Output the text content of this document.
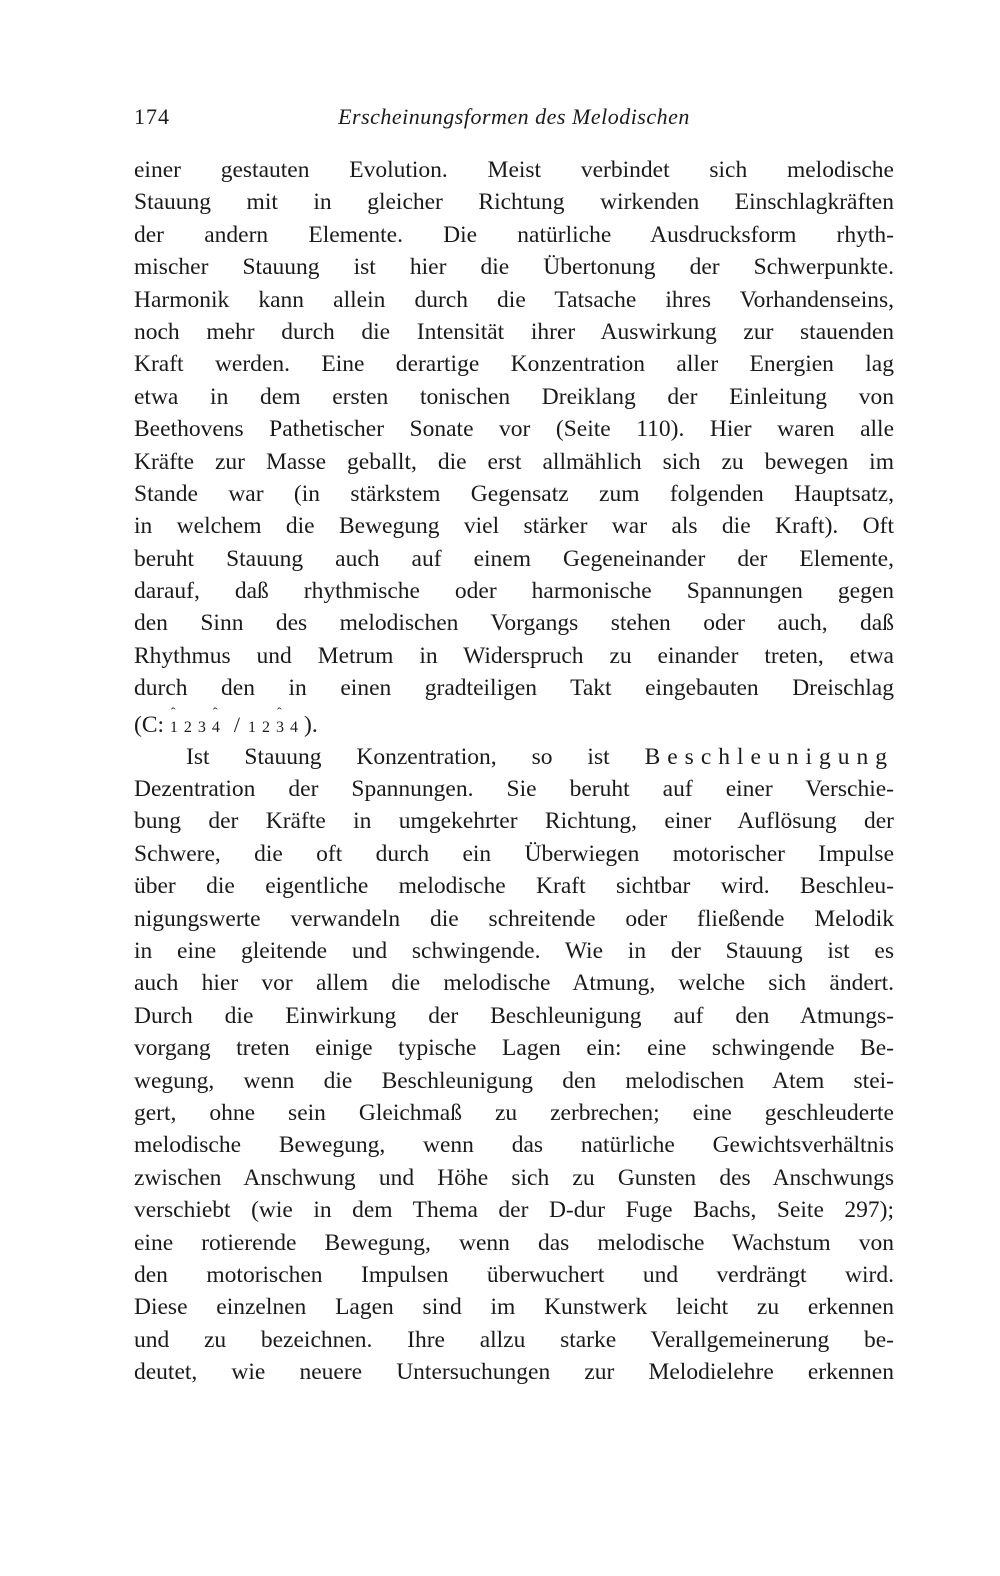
174	Erscheinungsformen des Melodischen
einer gestauten Evolution. Meist verbindet sich melodische
Stauung mit in gleicher Richtung wirkenden Einschlagkräften
der andern Elemente. Die natürliche Ausdrucksform rhyth-
mischer Stauung ist hier die Übertonung der Schwerpunkte.
Harmonik kann allein durch die Tatsache ihres Vorhandenseins,
noch mehr durch die Intensität ihrer Auswirkung zur stauenden
Kraft werden. Eine derartige Konzentration aller Energien lag
etwa in dem ersten tonischen Dreiklang der Einleitung von
Beethovens Pathetischer Sonate vor (Seite 110). Hier waren alle
Kräfte zur Masse geballt, die erst allmählich sich zu bewegen im
Stande war (in stärkstem Gegensatz zum folgenden Hauptsatz,
in welchem die Bewegung viel stärker war als die Kraft). Oft
beruht Stauung auch auf einem Gegeneinander der Elemente,
darauf, daß rhythmische oder harmonische Spannungen gegen
den Sinn des melodischen Vorgangs stehen oder auch, daß
Rhythmus und Metrum in Widerspruch zu einander treten, etwa
durch den in einen gradteiligen Takt eingebauten Dreischlag
(C: ˆ 1 2 3 ˆ 4 / 1 2 ˆ 3 4 ).
Ist Stauung Konzentration, so ist Beschleunigung
Dezentration der Spannungen. Sie beruht auf einer Verschie-
bung der Kräfte in umgekehrter Richtung, einer Auflösung der
Schwere, die oft durch ein Überwiegen motorischer Impulse
über die eigentliche melodische Kraft sichtbar wird. Beschleu-
nigungswerte verwandeln die schreitende oder fließende Melodik
in eine gleitende und schwingende. Wie in der Stauung ist es
auch hier vor allem die melodische Atmung, welche sich ändert.
Durch die Einwirkung der Beschleunigung auf den Atmungs-
vorgang treten einige typische Lagen ein: eine schwingende Be-
wegung, wenn die Beschleunigung den melodischen Atem stei-
gert, ohne sein Gleichmaß zu zerbrechen; eine geschleuderte
melodische Bewegung, wenn das natürliche Gewichtsverhältnis
zwischen Anschwung und Höhe sich zu Gunsten des Anschwungs
verschiebt (wie in dem Thema der D-dur Fuge Bachs, Seite 297);
eine rotierende Bewegung, wenn das melodische Wachstum von
den motorischen Impulsen überwuchert und verdrängt wird.
Diese einzelnen Lagen sind im Kunstwerk leicht zu erkennen
und zu bezeichnen. Ihre allzu starke Verallgemeinerung be-
deutet, wie neuere Untersuchungen zur Melodielehre erkennen
